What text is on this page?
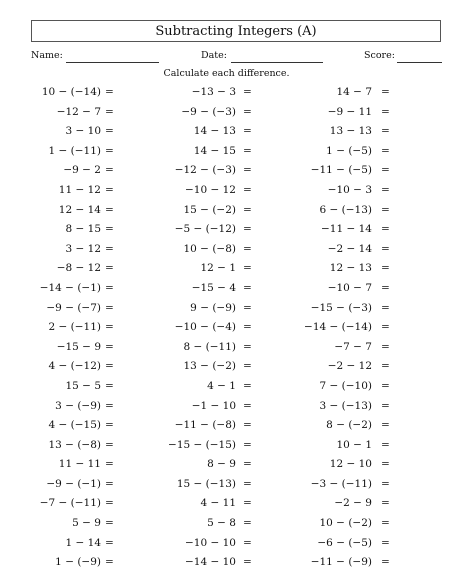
Subtracting Integers (A)
Name:	Date:	Score:
Calculate each difference.
10 − (−14) =	−13 − 3 =	14 − 7 =
−12 − 7 =	−9 − (−3) =	−9 − 11 =
3 − 10 =	14 − 13 =	13 − 13 =
1 − (−11) =	14 − 15 =	1 − (−5) =
−9 − 2 =	−12 − (−3) =	−11 − (−5) =
11 − 12 =	−10 − 12 =	−10 − 3 =
12 − 14 =	15 − (−2) =	6 − (−13) =
8 − 15 =	−5 − (−12) =	−11 − 14 =
3 − 12 =	10 − (−8) =	−2 − 14 =
−8 − 12 =	12 − 1 =	12 − 13 =
−14 − (−1) =	−15 − 4 =	−10 − 7 =
−9 − (−7) =	9 − (−9) =	−15 − (−3) =
2 − (−11) =	−10 − (−4) =	−14 − (−14) =
−15 − 9 =	8 − (−11) =	−7 − 7 =
4 − (−12) =	13 − (−2) =	−2 − 12 =
15 − 5 =	4 − 1 =	7 − (−10) =
3 − (−9) =	−1 − 10 =	3 − (−13) =
4 − (−15) =	−11 − (−8) =	8 − (−2) =
13 − (−8) =	−15 − (−15) =	10 − 1 =
11 − 11 =	8 − 9 =	12 − 10 =
−9 − (−1) =	15 − (−13) =	−3 − (−11) =
−7 − (−11) =	4 − 11 =	−2 − 9 =
5 − 9 =	5 − 8 =	10 − (−2) =
1 − 14 =	−10 − 10 =	−6 − (−5) =
1 − (−9) =	−14 − 10 =	−11 − (−9) =
